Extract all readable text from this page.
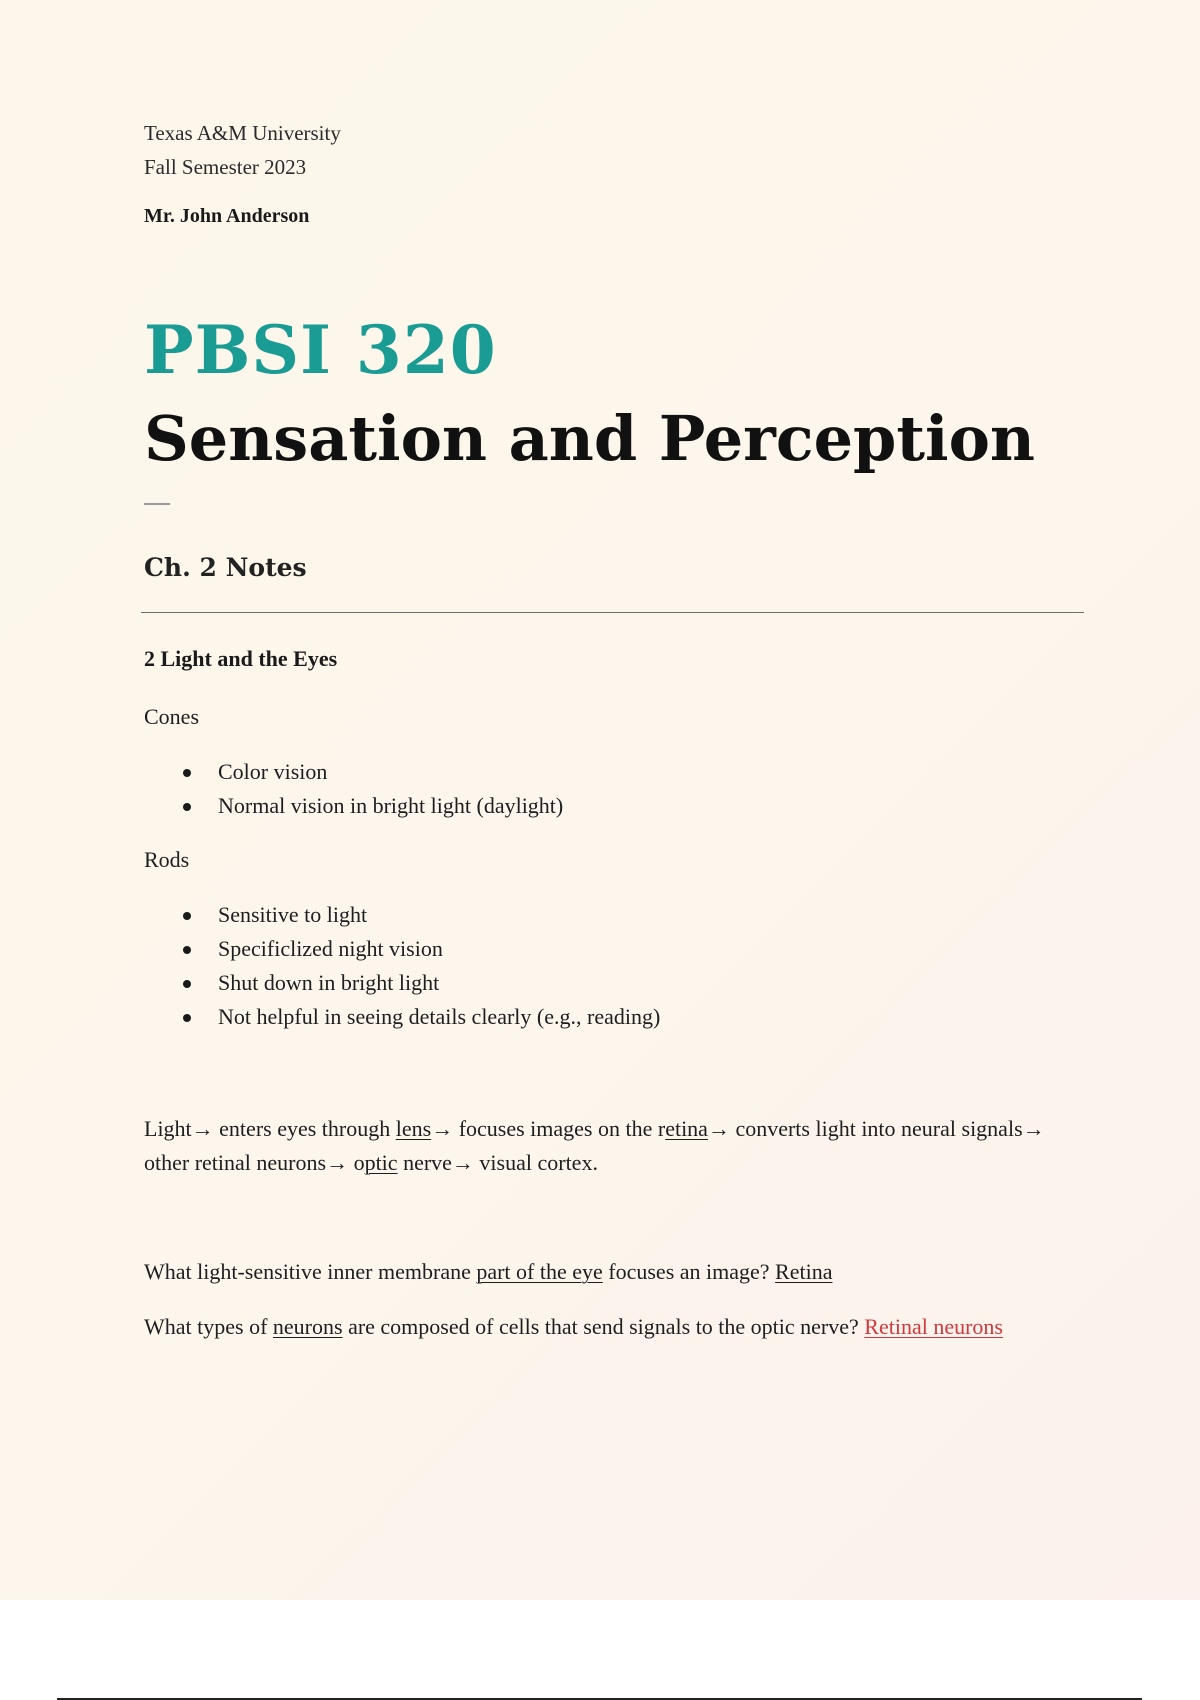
Texas A&M University
Fall Semester 2023
Mr. John Anderson
PBSI 320
Sensation and Perception
Ch. 2 Notes
2 Light and the Eyes
Cones
Color vision
Normal vision in bright light (daylight)
Rods
Sensitive to light
Specificlized night vision
Shut down in bright light
Not helpful in seeing details clearly (e.g., reading)
Light→ enters eyes through lens→ focuses images on the retina→ converts light into neural signals→ other retinal neurons→ optic nerve→ visual cortex.
What light-sensitive inner membrane part of the eye focuses an image? Retina
What types of neurons are composed of cells that send signals to the optic nerve? Retinal neurons
